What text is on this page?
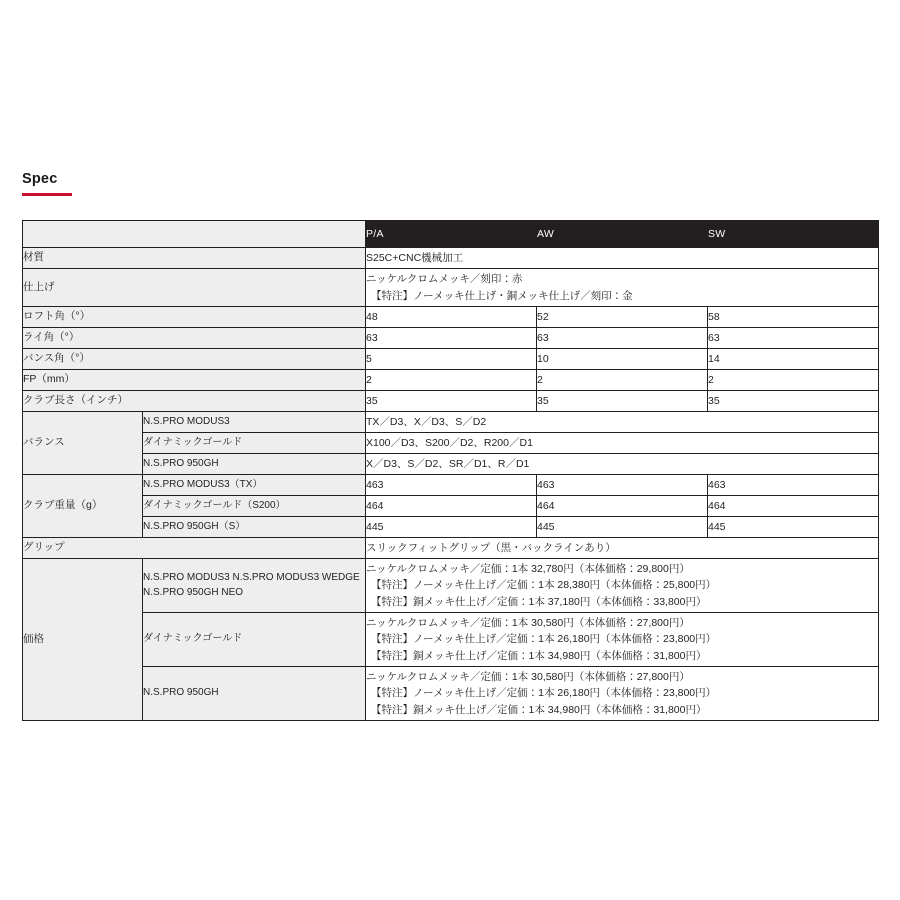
Spec
		P/A	AW	SW
材質		S25C+CNC機械加工		
仕上げ		ニッケルクロムメッキ／刻印：赤
【特注】ノーメッキ仕上げ・銅メッキ仕上げ／刻印：金		

ロフト角（°）		48	52	58
ライ角（°）		63	63	63
バンス角（°）		5	10	14
FP（mm）		2	2	2
クラブ長さ（インチ）		35	35	35
バランス	N.S.PRO MODUS3	TX／D3、X／D3、S／D2		
	ダイナミックゴールド	X100／D3、S200／D2、R200／D1		
	N.S.PRO 950GH	X／D3、S／D2、SR／D1、R／D1		
クラブ重量（g）	N.S.PRO MODUS3（TX）	463	463	463
	ダイナミックゴールド（S200）	464	464	464
	N.S.PRO 950GH（S）	445	445	445
グリップ		スリックフィットグリップ（黒・バックラインあり）		
価格	N.S.PRO MODUS3 N.S.PRO MODUS3 WEDGE N.S.PRO 950GH NEO	ニッケルクロムメッキ／定価：1本 32,780円（本体価格：29,800円）
【特注】ノーメッキ仕上げ／定価：1本 28,380円（本体価格：25,800円）
【特注】銅メッキ仕上げ／定価：1本 37,180円（本体価格：33,800円）		

	ダイナミックゴールド	ニッケルクロムメッキ／定価：1本 30,580円（本体価格：27,800円）
【特注】ノーメッキ仕上げ／定価：1本 26,180円（本体価格：23,800円）
【特注】銅メッキ仕上げ／定価：1本 34,980円（本体価格：31,800円）		

	N.S.PRO 950GH	ニッケルクロムメッキ／定価：1本 30,580円（本体価格：27,800円）
【特注】ノーメッキ仕上げ／定価：1本 26,180円（本体価格：23,800円）
【特注】銅メッキ仕上げ／定価：1本 34,980円（本体価格：31,800円）		
